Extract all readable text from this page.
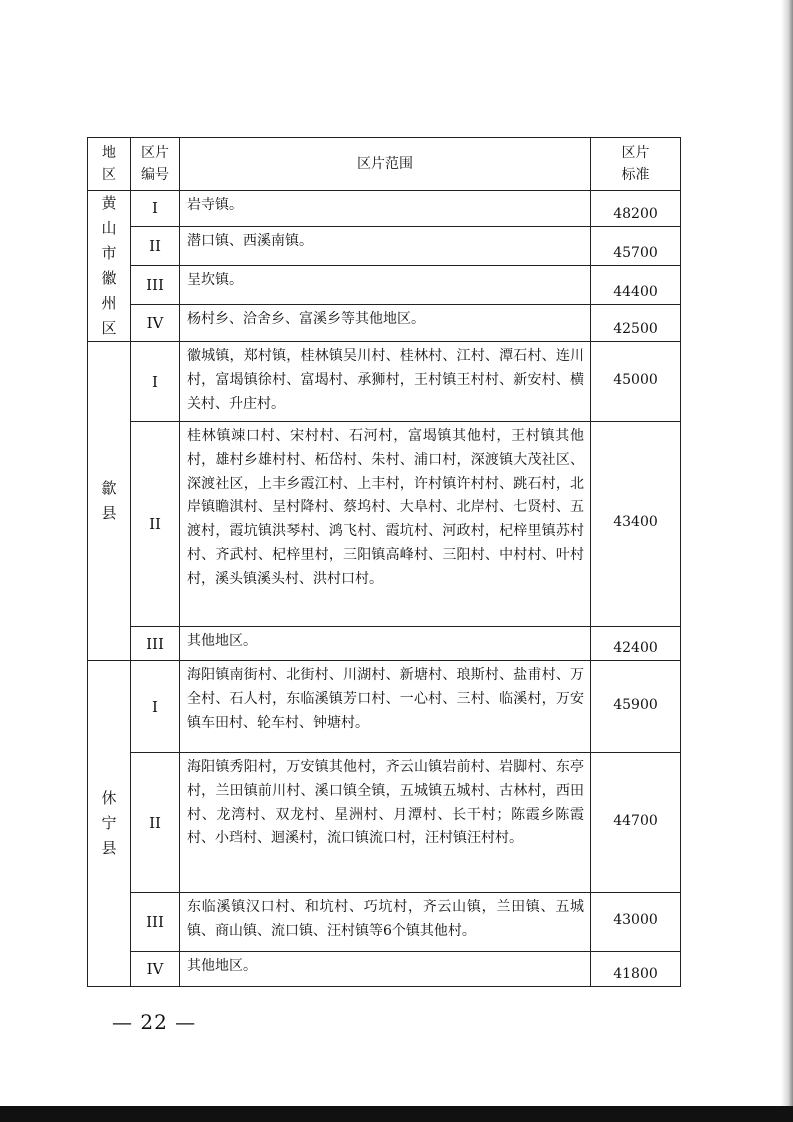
地区	区片编号	区片范围	区片标准
黄山市徽州区	I	岩寺镇。	48200
	II	潜口镇、西溪南镇。	45700
	III	呈坎镇。	44400
	IV	杨村乡、洽舍乡、富溪乡等其他地区。	42500
歙县	I	徽城镇，郑村镇，桂林镇吴川村、桂林村、江村、潭石村、连川村，富堨镇徐村、富堨村、承狮村，王村镇王村村、新安村、横关村、升庄村。	45000
	II	桂林镇竦口村、宋村村、石河村，富堨镇其他村，王村镇其他村，雄村乡雄村村、柘岱村、朱村、浦口村，深渡镇大茂社区、深渡社区，上丰乡霞江村、上丰村，许村镇许村村、跳石村，北岸镇瞻淇村、呈村降村、蔡坞村、大阜村、北岸村、七贤村、五渡村，霞坑镇洪琴村、鸿飞村、霞坑村、河政村，杞梓里镇苏村村、齐武村、杞梓里村，三阳镇高峰村、三阳村、中村村、叶村村，溪头镇溪头村、洪村口村。	43400
	III	其他地区。	42400
休宁县	I	海阳镇南街村、北街村、川湖村、新塘村、琅斯村、盐甫村、万全村、石人村，东临溪镇芳口村、一心村、三村、临溪村，万安镇车田村、轮车村、钟塘村。	45900
	II	海阳镇秀阳村，万安镇其他村，齐云山镇岩前村、岩脚村、东亭村，兰田镇前川村、溪口镇全镇，五城镇五城村、古林村，西田村、龙湾村、双龙村、星洲村、月潭村、长干村；陈霞乡陈霞村、小珰村、迴溪村，流口镇流口村，汪村镇汪村村。	44700
	III	东临溪镇汉口村、和坑村、巧坑村，齐云山镇，兰田镇、五城镇、商山镇、流口镇、汪村镇等6个镇其他村。	43000
	IV	其他地区。	41800
— 22 —
